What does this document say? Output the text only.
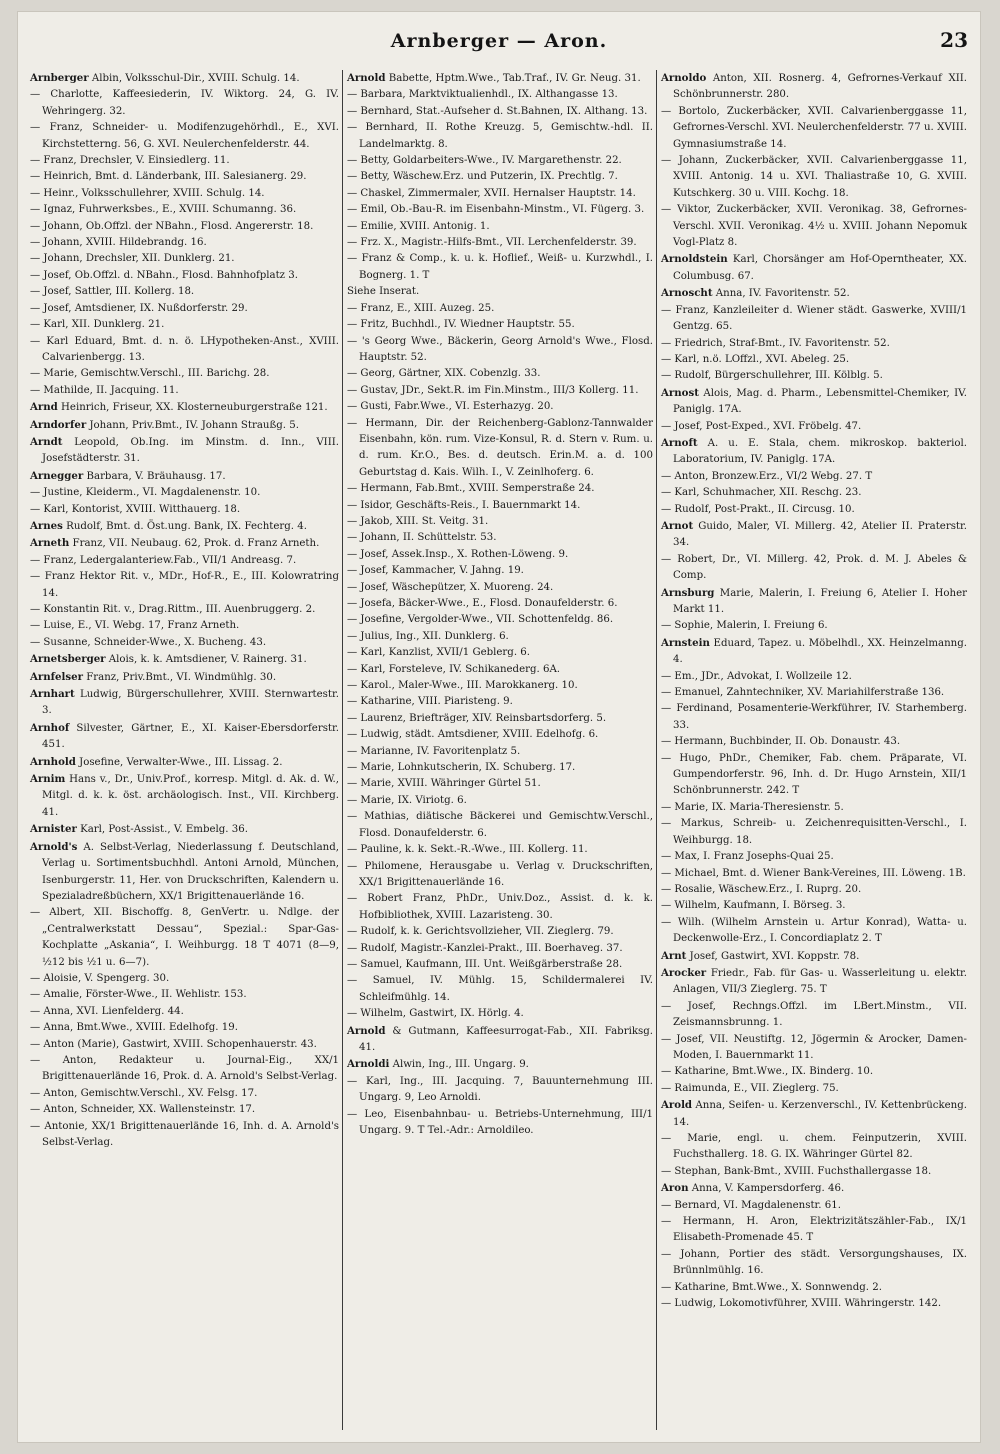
Arnberger — Aron.	23

Arnberger Albin, Volksschul-Dir., XVIII. Schulg. 14.

— Charlotte, Kaffeesiederin, IV. Wiktorg. 24, G. IV. Wehringerg. 32.

— Franz, Schneider- u. Modifenzugehörhdl., E., XVI. Kirchstetterng. 56, G. XVI. Neulerchenfelderstr. 44.

— Franz, Drechsler, V. Einsiedlerg. 11.

— Heinrich, Bmt. d. Länderbank, III. Salesianerg. 29.

— Heinr., Volksschullehrer, XVIII. Schulg. 14.

— Ignaz, Fuhrwerksbes., E., XVIII. Schumanng. 36.

— Johann, Ob.Offzl. der NBahn., Flosd. Angererstr. 18.

— Johann, XVIII. Hildebrandg. 16.

— Johann, Drechsler, XII. Dunklerg. 21.

— Josef, Ob.Offzl. d. NBahn., Flosd. Bahnhofplatz 3.

— Josef, Sattler, III. Kollerg. 18.

— Josef, Amtsdiener, IX. Nußdorferstr. 29.

— Karl, XII. Dunklerg. 21.

— Karl Eduard, Bmt. d. n. ö. LHypotheken-Anst., XVIII. Calvarienbergg. 13.

— Marie, Gemischtw.Verschl., III. Barichg. 28.

— Mathilde, II. Jacquing. 11.

Arnd Heinrich, Friseur, XX. Klosterneuburgerstraße 121.

Arndorfer Johann, Priv.Bmt., IV. Johann Straußg. 5.

Arndt Leopold, Ob.Ing. im Minstm. d. Inn., VIII. Josefstädterstr. 31.

Arnegger Barbara, V. Bräuhausg. 17.

— Justine, Kleiderm., VI. Magdalenenstr. 10.

— Karl, Kontorist, XVIII. Witthauerg. 18.

Arnes Rudolf, Bmt. d. Öst.ung. Bank, IX. Fechterg. 4.

Arneth Franz, VII. Neubaug. 62, Prok. d. Franz Arneth.

— Franz, Ledergalanteriew.Fab., VII/1 Andreasg. 7.

— Franz Hektor Rit. v., MDr., Hof-R., E., III. Kolowratring 14.

— Konstantin Rit. v., Drag.Rittm., III. Auenbruggerg. 2.

— Luise, E., VI. Webg. 17, Franz Arneth.

— Susanne, Schneider-Wwe., X. Bucheng. 43.

Arnetsberger Alois, k. k. Amtsdiener, V. Rainerg. 31.

Arnfelser Franz, Priv.Bmt., VI. Windmühlg. 30.

Arnhart Ludwig, Bürgerschullehrer, XVIII. Sternwartestr. 3.

Arnhof Silvester, Gärtner, E., XI. Kaiser-Ebersdorferstr. 451.

Arnhold Josefine, Verwalter-Wwe., III. Lissag. 2.

Arnim Hans v., Dr., Univ.Prof., korresp. Mitgl. d. Ak. d. W., Mitgl. d. k. k. öst. archäologisch. Inst., VII. Kirchberg. 41.

Arnister Karl, Post-Assist., V. Embelg. 36.

Arnold's A. Selbst-Verlag, Niederlassung f. Deutschland, Verlag u. Sortimentsbuchhdl. Antoni Arnold, München, Isenburgerstr. 11, Her. von Druckschriften, Kalendern u. Spezialadreßbüchern, XX/1 Brigittenauerlände 16.

— Albert, XII. Bischoffg. 8, GenVertr. u. Ndlge. der „Centralwerkstatt Dessau“, Spezial.: Spar-Gas-Kochplatte „Askania“, I. Weihburgg. 18 T 4071 (8—9, ½12 bis ½1 u. 6—7).

— Aloisie, V. Spengerg. 30.

— Amalie, Förster-Wwe., II. Wehlistr. 153.

— Anna, XVI. Lienfelderg. 44.

— Anna, Bmt.Wwe., XVIII. Edelhofg. 19.

— Anton (Marie), Gastwirt, XVIII. Schopenhauerstr. 43.

— Anton, Redakteur u. Journal-Eig., XX/1 Brigittenauerlände 16, Prok. d. A. Arnold's Selbst-Verlag.

— Anton, Gemischtw.Verschl., XV. Felsg. 17.

— Anton, Schneider, XX. Wallensteinstr. 17.

— Antonie, XX/1 Brigittenauerlände 16, Inh. d. A. Arnold's Selbst-Verlag.

Arnold Babette, Hptm.Wwe., Tab.Traf., IV. Gr. Neug. 31.

— Barbara, Marktviktualienhdl., IX. Althangasse 13.

— Bernhard, Stat.-Aufseher d. St.Bahnen, IX. Althang. 13.

— Bernhard, II. Rothe Kreuzg. 5, Gemischtw.-hdl. II. Landelmarktg. 8.

— Betty, Goldarbeiters-Wwe., IV. Margarethenstr. 22.

— Betty, Wäschew.Erz. und Putzerin, IX. Prechtlg. 7.

— Chaskel, Zimmermaler, XVII. Hernalser Hauptstr. 14.

— Emil, Ob.-Bau-R. im Eisenbahn-Minstm., VI. Fügerg. 3.

— Emilie, XVIII. Antonig. 1.

— Frz. X., Magistr.-Hilfs-Bmt., VII. Lerchenfelderstr. 39.

— Franz & Comp., k. u. k. Hoflief., Weiß- u. Kurzwhdl., I. Bognerg. 1. T

Siehe Inserat.

— Franz, E., XIII. Auzeg. 25.

— Fritz, Buchhdl., IV. Wiedner Hauptstr. 55.

— 's Georg Wwe., Bäckerin, Georg Arnold's Wwe., Flosd. Hauptstr. 52.

— Georg, Gärtner, XIX. Cobenzlg. 33.

— Gustav, JDr., Sekt.R. im Fin.Minstm., III/3 Kollerg. 11.

— Gusti, Fabr.Wwe., VI. Esterhazyg. 20.

— Hermann, Dir. der Reichenberg-Gablonz-Tannwalder Eisenbahn, kön. rum. Vize-Konsul, R. d. Stern v. Rum. u. d. rum. Kr.O., Bes. d. deutsch. Erin.M. a. d. 100 Geburtstag d. Kais. Wilh. I., V. Zeinlhoferg. 6.

— Hermann, Fab.Bmt., XVIII. Semperstraße 24.

— Isidor, Geschäfts-Reis., I. Bauernmarkt 14.

— Jakob, XIII. St. Veitg. 31.

— Johann, II. Schüttelstr. 53.

— Josef, Assek.Insp., X. Rothen-Löweng. 9.

— Josef, Kammacher, V. Jahng. 19.

— Josef, Wäschepützer, X. Muoreng. 24.

— Josefa, Bäcker-Wwe., E., Flosd. Donaufelderstr. 6.

— Josefine, Vergolder-Wwe., VII. Schottenfeldg. 86.

— Julius, Ing., XII. Dunklerg. 6.

— Karl, Kanzlist, XVII/1 Geblerg. 6.

— Karl, Forsteleve, IV. Schikanederg. 6A.

— Karol., Maler-Wwe., III. Marokkanerg. 10.

— Katharine, VIII. Piaristeng. 9.

— Laurenz, Briefträger, XIV. Reinsbartsdorferg. 5.

— Ludwig, städt. Amtsdiener, XVIII. Edelhofg. 6.

— Marianne, IV. Favoritenplatz 5.

— Marie, Lohnkutscherin, IX. Schuberg. 17.

— Marie, XVIII. Währinger Gürtel 51.

— Marie, IX. Viriotg. 6.

— Mathias, diätische Bäckerei und Gemischtw.Verschl., Flosd. Donaufelderstr. 6.

— Pauline, k. k. Sekt.-R.-Wwe., III. Kollerg. 11.

— Philomene, Herausgabe u. Verlag v. Druckschriften, XX/1 Brigittenauerlände 16.

— Robert Franz, PhDr., Univ.Doz., Assist. d. k. k. Hofbibliothek, XVIII. Lazaristeng. 30.

— Rudolf, k. k. Gerichtsvollzieher, VII. Zieglerg. 79.

— Rudolf, Magistr.-Kanzlei-Prakt., III. Boerhaveg. 37.

— Samuel, Kaufmann, III. Unt. Weißgärberstraße 28.

— Samuel, IV. Mühlg. 15, Schildermalerei IV. Schleifmühlg. 14.

— Wilhelm, Gastwirt, IX. Hörlg. 4.

Arnold & Gutmann, Kaffeesurrogat-Fab., XII. Fabriksg. 41.

Arnoldi Alwin, Ing., III. Ungarg. 9.

— Karl, Ing., III. Jacquing. 7, Bauunternehmung III. Ungarg. 9, Leo Arnoldi.

— Leo, Eisenbahnbau- u. Betriebs-Unternehmung, III/1 Ungarg. 9. T Tel.-Adr.: Arnoldileo.

Arnoldo Anton, XII. Rosnerg. 4, Gefrornes-Verkauf XII. Schönbrunnerstr. 280.

— Bortolo, Zuckerbäcker, XVII. Calvarienberggasse 11, Gefrornes-Verschl. XVI. Neulerchenfelderstr. 77 u. XVIII. Gymnasiumstraße 14.

— Johann, Zuckerbäcker, XVII. Calvarienberggasse 11, XVIII. Antonig. 14 u. XVI. Thaliastraße 10, G. XVIII. Kutschkerg. 30 u. VIII. Kochg. 18.

— Viktor, Zuckerbäcker, XVII. Veronikag. 38, Gefrornes-Verschl. XVII. Veronikag. 4½ u. XVIII. Johann Nepomuk Vogl-Platz 8.

Arnoldstein Karl, Chorsänger am Hof-Operntheater, XX. Columbusg. 67.

Arnoscht Anna, IV. Favoritenstr. 52.

— Franz, Kanzleileiter d. Wiener städt. Gaswerke, XVIII/1 Gentzg. 65.

— Friedrich, Straf-Bmt., IV. Favoritenstr. 52.

— Karl, n.ö. LOffzl., XVI. Abeleg. 25.

— Rudolf, Bürgerschullehrer, III. Kölblg. 5.

Arnost Alois, Mag. d. Pharm., Lebensmittel-Chemiker, IV. Paniglg. 17A.

— Josef, Post-Exped., XVI. Fröbelg. 47.

Arnoft A. u. E. Stala, chem. mikroskop. bakteriol. Laboratorium, IV. Paniglg. 17A.

— Anton, Bronzew.Erz., VI/2 Webg. 27. T

— Karl, Schuhmacher, XII. Reschg. 23.

— Rudolf, Post-Prakt., II. Circusg. 10.

Arnot Guido, Maler, VI. Millerg. 42, Atelier II. Praterstr. 34.

— Robert, Dr., VI. Millerg. 42, Prok. d. M. J. Abeles & Comp.

Arnsburg Marie, Malerin, I. Freiung 6, Atelier I. Hoher Markt 11.

— Sophie, Malerin, I. Freiung 6.

Arnstein Eduard, Tapez. u. Möbelhdl., XX. Heinzelmanng. 4.

— Em., JDr., Advokat, I. Wollzeile 12.

— Emanuel, Zahntechniker, XV. Mariahilferstraße 136.

— Ferdinand, Posamenterie-Werkführer, IV. Starhemberg. 33.

— Hermann, Buchbinder, II. Ob. Donaustr. 43.

— Hugo, PhDr., Chemiker, Fab. chem. Präparate, VI. Gumpendorferstr. 96, Inh. d. Dr. Hugo Arnstein, XII/1 Schönbrunnerstr. 242. T

— Marie, IX. Maria-Theresienstr. 5.

— Markus, Schreib- u. Zeichenrequisitten-Verschl., I. Weihburgg. 18.

— Max, I. Franz Josephs-Quai 25.

— Michael, Bmt. d. Wiener Bank-Vereines, III. Löweng. 1B.

— Rosalie, Wäschew.Erz., I. Ruprg. 20.

— Wilhelm, Kaufmann, I. Börseg. 3.

— Wilh. (Wilhelm Arnstein u. Artur Konrad), Watta- u. Deckenwolle-Erz., I. Concordiaplatz 2. T

Arnt Josef, Gastwirt, XVI. Koppstr. 78.

Arocker Friedr., Fab. für Gas- u. Wasserleitung u. elektr. Anlagen, VII/3 Zieglerg. 75. T

— Josef, Rechngs.Offzl. im LBert.Minstm., VII. Zeismannsbrunng. 1.

— Josef, VII. Neustiftg. 12, Jögermin & Arocker, Damen-Moden, I. Bauernmarkt 11.

— Katharine, Bmt.Wwe., IX. Binderg. 10.

— Raimunda, E., VII. Zieglerg. 75.

Arold Anna, Seifen- u. Kerzenverschl., IV. Kettenbrückeng. 14.

— Marie, engl. u. chem. Feinputzerin, XVIII. Fuchsthallerg. 18. G. IX. Währinger Gürtel 82.

— Stephan, Bank-Bmt., XVIII. Fuchsthallergasse 18.

Aron Anna, V. Kampersdorferg. 46.

— Bernard, VI. Magdalenenstr. 61.

— Hermann, H. Aron, Elektrizitätszähler-Fab., IX/1 Elisabeth-Promenade 45. T

— Johann, Portier des städt. Versorgungshauses, IX. Brünnlmühlg. 16.

— Katharine, Bmt.Wwe., X. Sonnwendg. 2.

— Ludwig, Lokomotivführer, XVIII. Währingerstr. 142.
